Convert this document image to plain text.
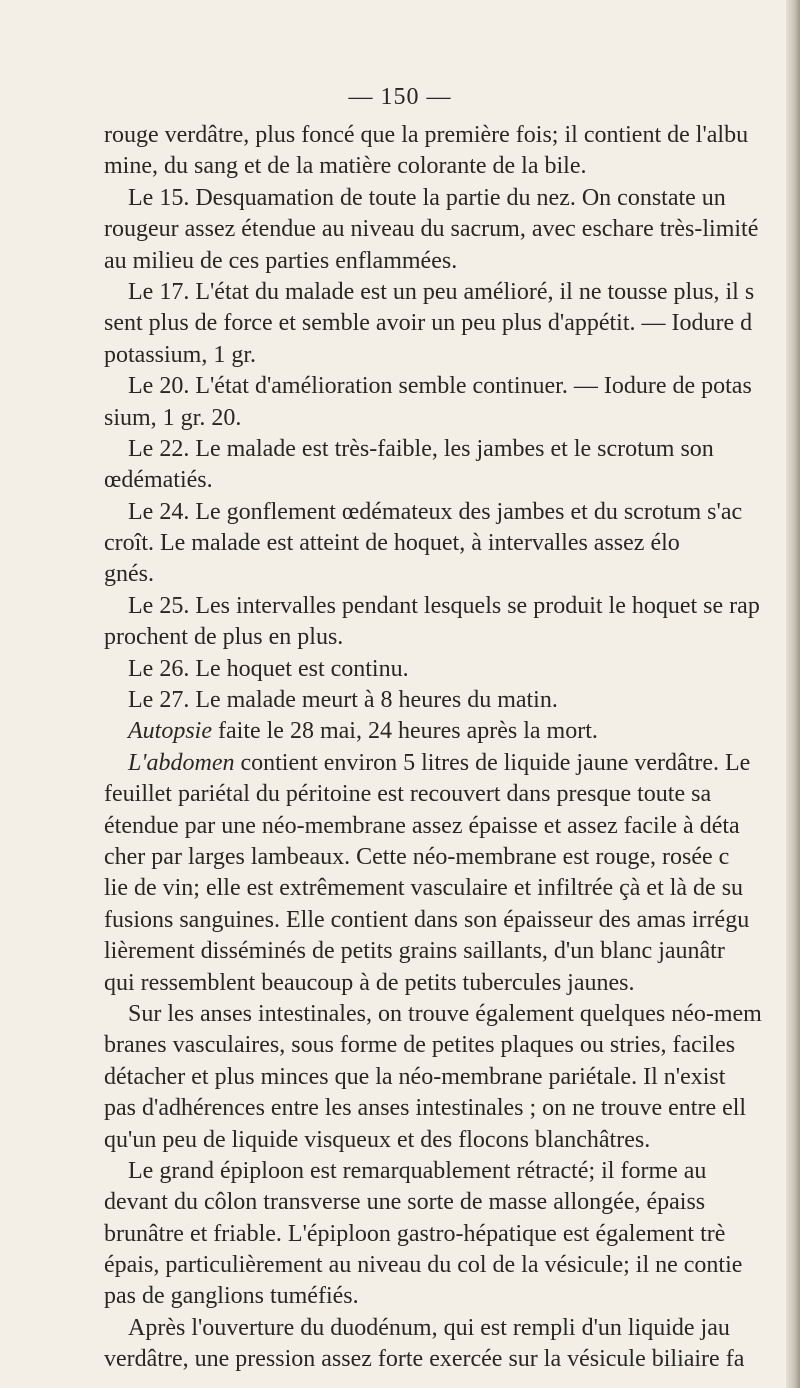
— 150 —
rouge verdâtre, plus foncé que la première fois; il contient de l'albu
mine, du sang et de la matière colorante de la bile.
Le 15. Desquamation de toute la partie du nez. On constate un
rougeur assez étendue au niveau du sacrum, avec eschare très-limité
au milieu de ces parties enflammées.
Le 17. L'état du malade est un peu amélioré, il ne tousse plus, il s
sent plus de force et semble avoir un peu plus d'appétit. — Iodure d
potassium, 1 gr.
Le 20. L'état d'amélioration semble continuer. — Iodure de potas
sium, 1 gr. 20.
Le 22. Le malade est très-faible, les jambes et le scrotum son
œdématiés.
Le 24. Le gonflement œdémateux des jambes et du scrotum s'ac
croît. Le malade est atteint de hoquet, à intervalles assez élo
gnés.
Le 25. Les intervalles pendant lesquels se produit le hoquet se rap
prochent de plus en plus.
Le 26. Le hoquet est continu.
Le 27. Le malade meurt à 8 heures du matin.
Autopsie faite le 28 mai, 24 heures après la mort.
L'abdomen contient environ 5 litres de liquide jaune verdâtre. Le
feuillet pariétal du péritoine est recouvert dans presque toute sa
étendue par une néo-membrane assez épaisse et assez facile à déta
cher par larges lambeaux. Cette néo-membrane est rouge, rosée c
lie de vin; elle est extrêmement vasculaire et infiltrée çà et là de su
fusions sanguines. Elle contient dans son épaisseur des amas irrégu
lièrement disséminés de petits grains saillants, d'un blanc jaunâtr
qui ressemblent beaucoup à de petits tubercules jaunes.
Sur les anses intestinales, on trouve également quelques néo-mem
branes vasculaires, sous forme de petites plaques ou stries, faciles
détacher et plus minces que la néo-membrane pariétale. Il n'exist
pas d'adhérences entre les anses intestinales ; on ne trouve entre ell
qu'un peu de liquide visqueux et des flocons blanchâtres.
Le grand épiploon est remarquablement rétracté; il forme au
devant du côlon transverse une sorte de masse allongée, épaiss
brunâtre et friable. L'épiploon gastro-hépatique est également trè
épais, particulièrement au niveau du col de la vésicule; il ne contie
pas de ganglions tuméfiés.
Après l'ouverture du duodénum, qui est rempli d'un liquide jau
verdâtre, une pression assez forte exercée sur la vésicule biliaire fa
